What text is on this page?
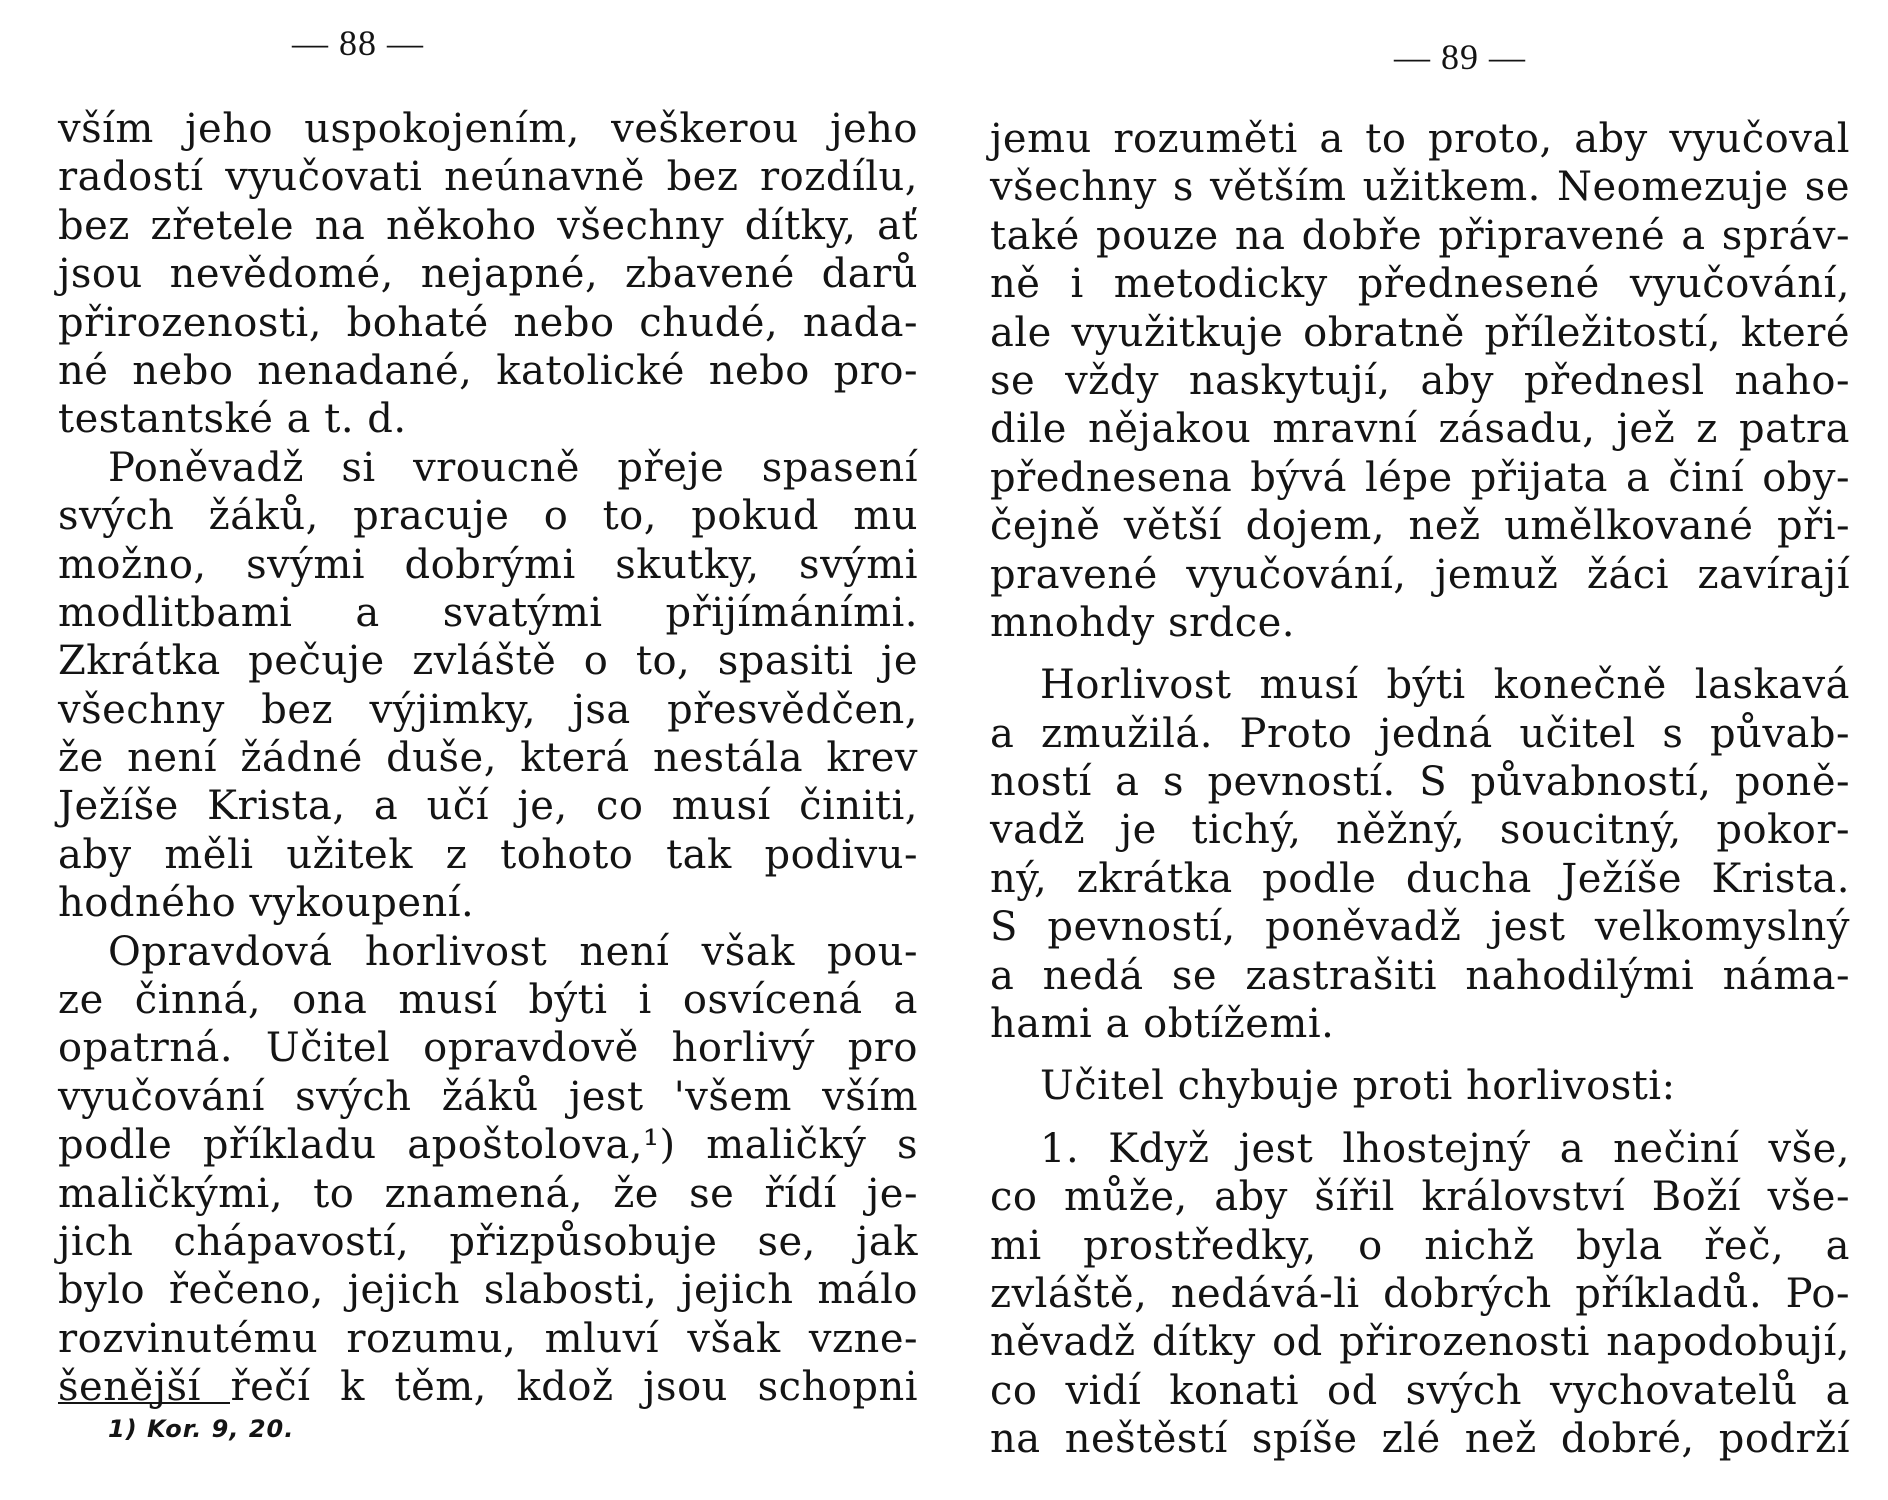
— 88 —
vším jeho uspokojením, veškerou jeho
radostí vyučovati neúnavně bez rozdílu,
bez zřetele na někoho všechny dítky, ať
jsou nevědomé, nejapné, zbavené darů
přirozenosti, bohaté nebo chudé, nada-
né nebo nenadané, katolické nebo pro-
testantské a t. d.
Poněvadž si vroucně přeje spasení
svých žáků, pracuje o to, pokud mu
možno, svými dobrými skutky, svými
modlitbami a svatými přijímáními.
Zkrátka pečuje zvláště o to, spasiti je
všechny bez výjimky, jsa přesvědčen,
že není žádné duše, která nestála krev
Ježíše Krista, a učí je, co musí činiti,
aby měli užitek z tohoto tak podivu-
hodného vykoupení.
Opravdová horlivost není však pou-
ze činná, ona musí býti i osvícená a
opatrná. Učitel opravdově horlivý pro
vyučování svých žáků jest 'všem vším
podle příkladu apoštolova,¹) maličký s
maličkými, to znamená, že se řídí je-
jich chápavostí, přizpůsobuje se, jak
bylo řečeno, jejich slabosti, jejich málo
rozvinutému rozumu, mluví však vzne-
šenější řečí k těm, kdož jsou schopni
1) Kor. 9, 20.
— 89 —
jemu rozuměti a to proto, aby vyučoval
všechny s větším užitkem. Neomezuje se
také pouze na dobře připravené a správ-
ně i metodicky přednesené vyučování,
ale využitkuje obratně příležitostí, které
se vždy naskytují, aby přednesl naho-
dile nějakou mravní zásadu, jež z patra
přednesena bývá lépe přijata a činí oby-
čejně větší dojem, než umělkované při-
pravené vyučování, jemuž žáci zavírají
mnohdy srdce.
Horlivost musí býti konečně laskavá
a zmužilá. Proto jedná učitel s půvab-
ností a s pevností. S půvabností, poně-
vadž je tichý, něžný, soucitný, pokor-
ný, zkrátka podle ducha Ježíše Krista.
S pevností, poněvadž jest velkomyslný
a nedá se zastrašiti nahodilými náma-
hami a obtížemi.
Učitel chybuje proti horlivosti:
1. Když jest lhostejný a nečiní vše,
co může, aby šířil království Boží vše-
mi prostředky, o nichž byla řeč, a
zvláště, nedává-li dobrých příkladů. Po-
něvadž dítky od přirozenosti napodobují,
co vidí konati od svých vychovatelů a
na neštěstí spíše zlé než dobré, podrží
